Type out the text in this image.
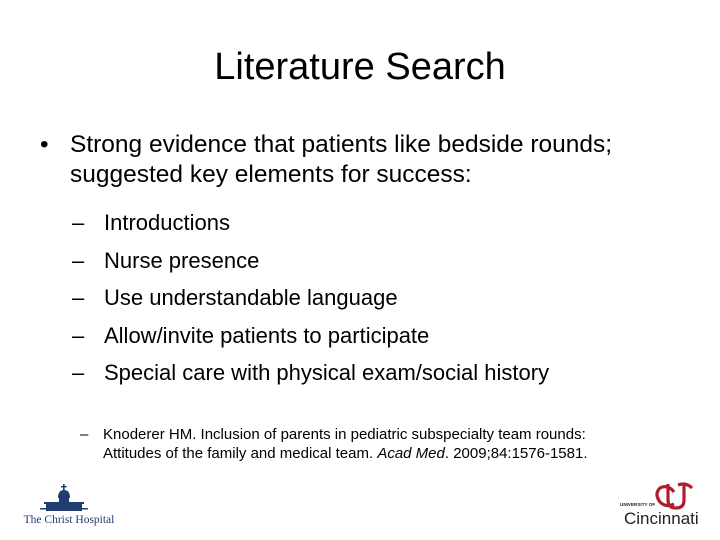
Literature Search
• Strong evidence that patients like bedside rounds; suggested key elements for success:
– Introductions
– Nurse presence
– Use understandable language
– Allow/invite patients to participate
– Special care with physical exam/social history
– Knoderer HM. Inclusion of parents in pediatric subspecialty team rounds: Attitudes of the family and medical team. Acad Med. 2009;84:1576-1581.
The Christ Hospital
UNIVERSITY OF
Cincinnati
